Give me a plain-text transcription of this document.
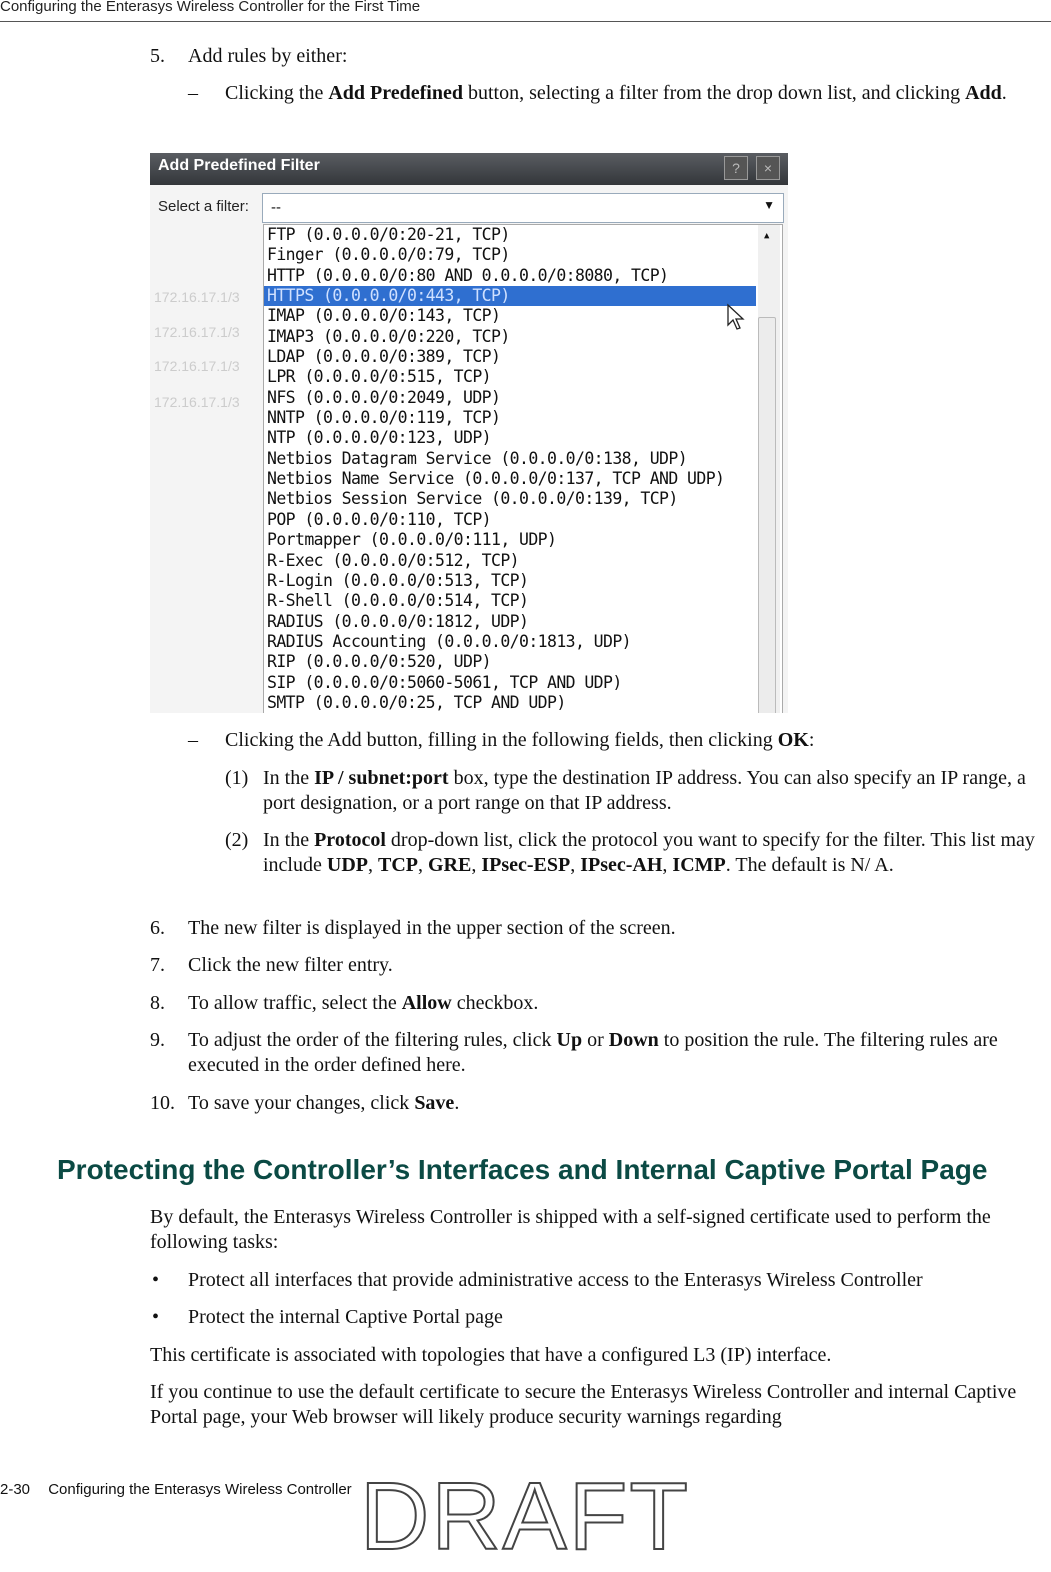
Configuring the Enterasys Wireless Controller for the First Time
5. Add rules by either:
– Clicking the Add Predefined button, selecting a filter from the drop down list, and clicking Add.
Add Predefined Filter	?	×
Select a filter:	--	▼
172.16.17.1/3
172.16.17.1/3
172.16.17.1/3
172.16.17.1/3
▲
FTP (0.0.0.0/0:20-21, TCP)
Finger (0.0.0.0/0:79, TCP)
HTTP (0.0.0.0/0:80 AND 0.0.0.0/0:8080, TCP)
HTTPS (0.0.0.0/0:443, TCP)
IMAP (0.0.0.0/0:143, TCP)
IMAP3 (0.0.0.0/0:220, TCP)
LDAP (0.0.0.0/0:389, TCP)
LPR (0.0.0.0/0:515, TCP)
NFS (0.0.0.0/0:2049, UDP)
NNTP (0.0.0.0/0:119, TCP)
NTP (0.0.0.0/0:123, UDP)
Netbios Datagram Service (0.0.0.0/0:138, UDP)
Netbios Name Service (0.0.0.0/0:137, TCP AND UDP)
Netbios Session Service (0.0.0.0/0:139, TCP)
POP (0.0.0.0/0:110, TCP)
Portmapper (0.0.0.0/0:111, UDP)
R-Exec (0.0.0.0/0:512, TCP)
R-Login (0.0.0.0/0:513, TCP)
R-Shell (0.0.0.0/0:514, TCP)
RADIUS (0.0.0.0/0:1812, UDP)
RADIUS Accounting (0.0.0.0/0:1813, UDP)
RIP (0.0.0.0/0:520, UDP)
SIP (0.0.0.0/0:5060-5061, TCP AND UDP)
SMTP (0.0.0.0/0:25, TCP AND UDP)
– Clicking the Add button, filling in the following fields, then clicking OK:
(1) In the IP / subnet:port box, type the destination IP address. You can also specify an IP range, a port designation, or a port range on that IP address.
(2) In the Protocol drop-down list, click the protocol you want to specify for the filter. This list may include UDP, TCP, GRE, IPsec-ESP, IPsec-AH, ICMP. The default is N/ A.
6. The new filter is displayed in the upper section of the screen.
7. Click the new filter entry.
8. To allow traffic, select the Allow checkbox.
9. To adjust the order of the filtering rules, click Up or Down to position the rule. The filtering rules are executed in the order defined here.
10. To save your changes, click Save.
Protecting the Controller’s Interfaces and Internal Captive Portal Page
By default, the Enterasys Wireless Controller is shipped with a self-signed certificate used to perform the following tasks:
• Protect all interfaces that provide administrative access to the Enterasys Wireless Controller
• Protect the internal Captive Portal page
This certificate is associated with topologies that have a configured L3 (IP) interface.
If you continue to use the default certificate to secure the Enterasys Wireless Controller and internal Captive Portal page, your Web browser will likely produce security warnings regarding
DRAFT
2-30 Configuring the Enterasys Wireless Controller
